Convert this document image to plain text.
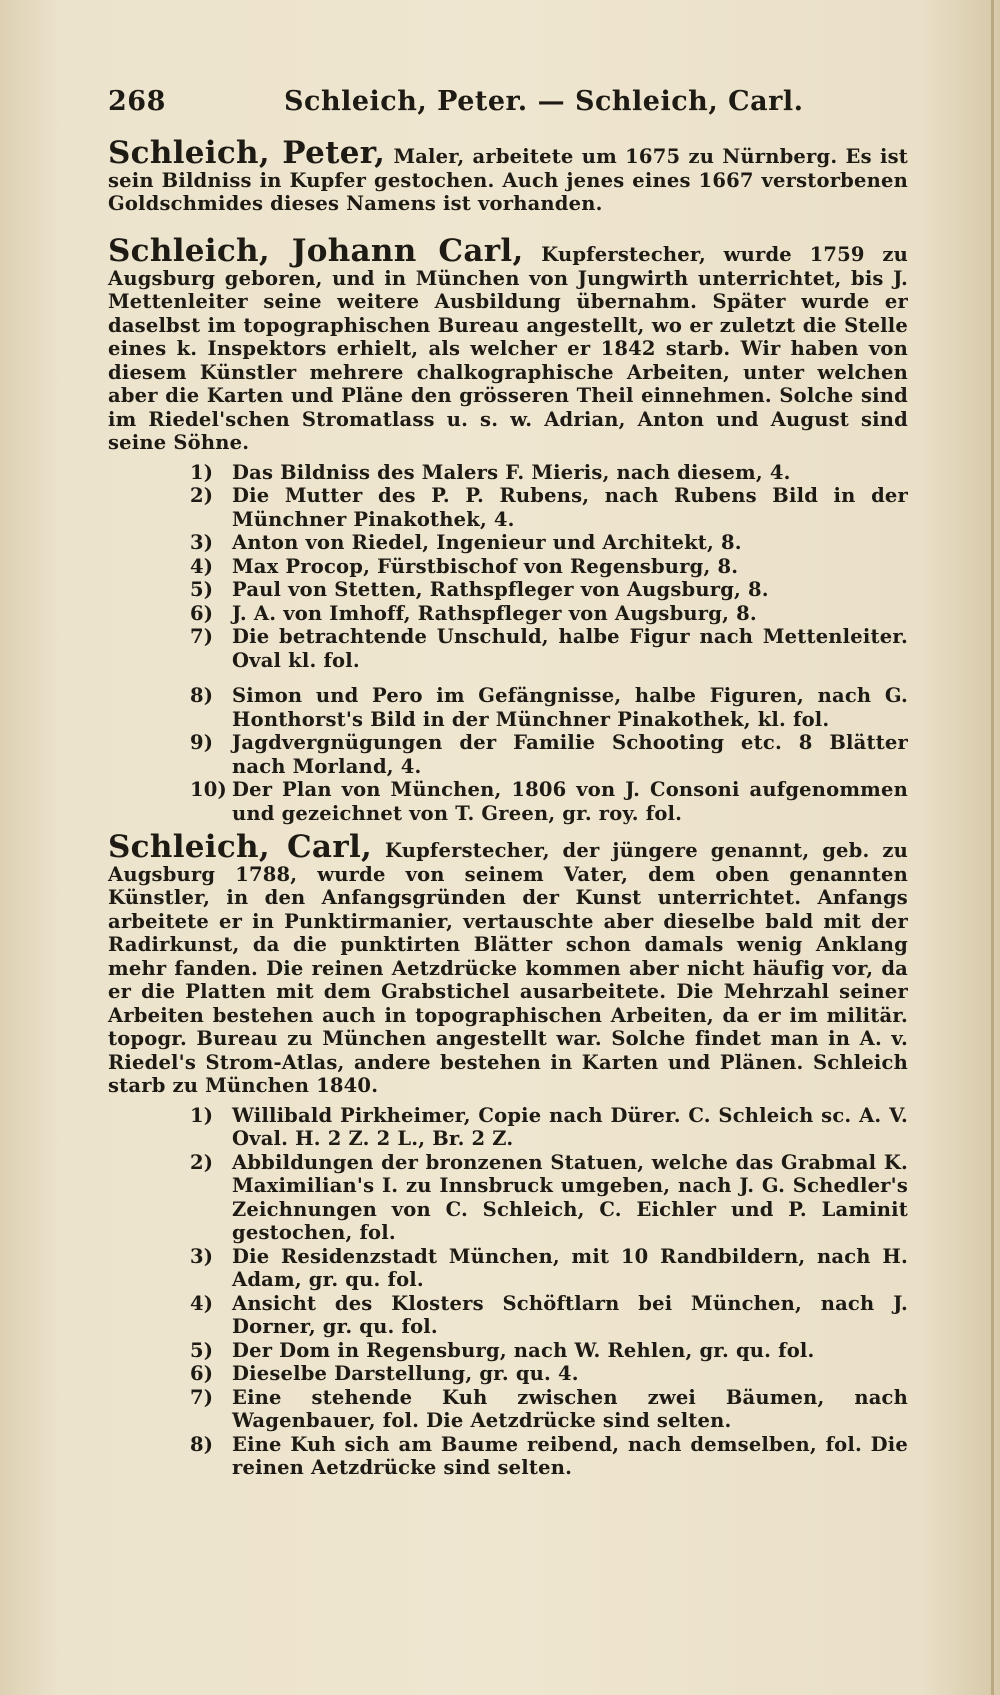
268	Schleich, Peter. — Schleich, Carl.

Schleich, Peter, Maler, arbeitete um 1675 zu Nürnberg. Es ist sein Bildniss in Kupfer gestochen. Auch jenes eines 1667 verstorbenen Goldschmides dieses Namens ist vorhanden.

Schleich, Johann Carl, Kupferstecher, wurde 1759 zu Augsburg geboren, und in München von Jungwirth unterrichtet, bis J. Mettenleiter seine weitere Ausbildung übernahm. Später wurde er daselbst im topographischen Bureau angestellt, wo er zuletzt die Stelle eines k. Inspektors erhielt, als welcher er 1842 starb. Wir haben von diesem Künstler mehrere chalkographische Arbeiten, unter welchen aber die Karten und Pläne den grösseren Theil einnehmen. Solche sind im Riedel'schen Stromatlass u. s. w. Adrian, Anton und August sind seine Söhne.

1) Das Bildniss des Malers F. Mieris, nach diesem, 4.
2) Die Mutter des P. P. Rubens, nach Rubens Bild in der Münchner Pinakothek, 4.
3) Anton von Riedel, Ingenieur und Architekt, 8.
4) Max Procop, Fürstbischof von Regensburg, 8.
5) Paul von Stetten, Rathspfleger von Augsburg, 8.
6) J. A. von Imhoff, Rathspfleger von Augsburg, 8.
7) Die betrachtende Unschuld, halbe Figur nach Mettenleiter. Oval kl. fol.
8) Simon und Pero im Gefängnisse, halbe Figuren, nach G. Honthorst's Bild in der Münchner Pinakothek, kl. fol.
9) Jagdvergnügungen der Familie Schooting etc. 8 Blätter nach Morland, 4.
10) Der Plan von München, 1806 von J. Consoni aufgenommen und gezeichnet von T. Green, gr. roy. fol.

Schleich, Carl, Kupferstecher, der jüngere genannt, geb. zu Augsburg 1788, wurde von seinem Vater, dem oben genannten Künstler, in den Anfangsgründen der Kunst unterrichtet. Anfangs arbeitete er in Punktirmanier, vertauschte aber dieselbe bald mit der Radirkunst, da die punktirten Blätter schon damals wenig Anklang mehr fanden. Die reinen Aetzdrücke kommen aber nicht häufig vor, da er die Platten mit dem Grabstichel ausarbeitete. Die Mehrzahl seiner Arbeiten bestehen auch in topographischen Arbeiten, da er im militär. topogr. Bureau zu München angestellt war. Solche findet man in A. v. Riedel's Strom-Atlas, andere bestehen in Karten und Plänen. Schleich starb zu München 1840.

1) Willibald Pirkheimer, Copie nach Dürer. C. Schleich sc. A. V. Oval. H. 2 Z. 2 L., Br. 2 Z.
2) Abbildungen der bronzenen Statuen, welche das Grabmal K. Maximilian's I. zu Innsbruck umgeben, nach J. G. Schedler's Zeichnungen von C. Schleich, C. Eichler und P. Laminit gestochen, fol.
3) Die Residenzstadt München, mit 10 Randbildern, nach H. Adam, gr. qu. fol.
4) Ansicht des Klosters Schöftlarn bei München, nach J. Dorner, gr. qu. fol.
5) Der Dom in Regensburg, nach W. Rehlen, gr. qu. fol.
6) Dieselbe Darstellung, gr. qu. 4.
7) Eine stehende Kuh zwischen zwei Bäumen, nach Wagenbauer, fol. Die Aetzdrücke sind selten.
8) Eine Kuh sich am Baume reibend, nach demselben, fol. Die reinen Aetzdrücke sind selten.
